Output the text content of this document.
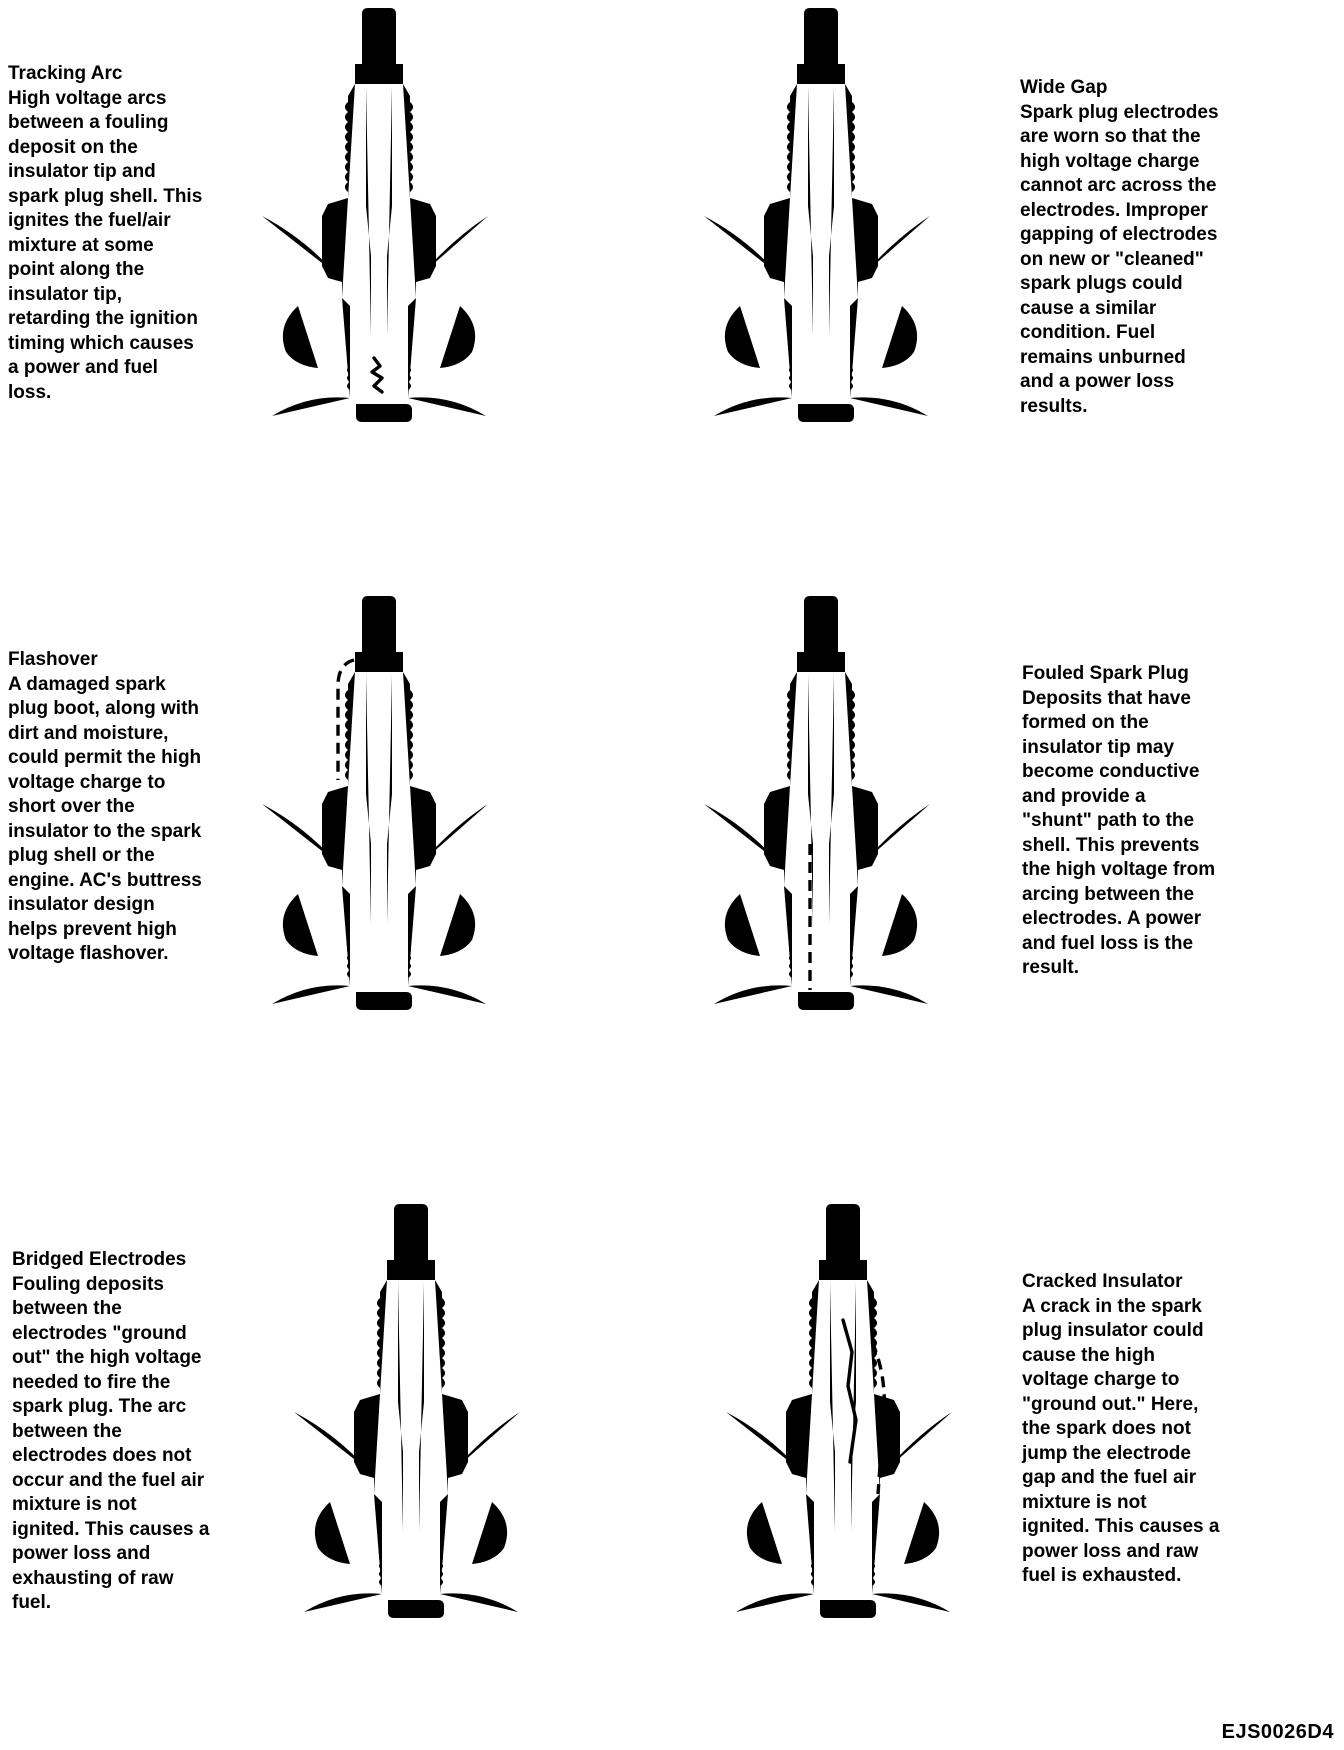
Tracking Arc
High voltage arcs
between a fouling
deposit on the
insulator tip and
spark plug shell. This
ignites the fuel/air
mixture at some
point along the
insulator tip,
retarding the ignition
timing which causes
a power and fuel
loss.
Wide Gap
Spark plug electrodes
are worn so that the
high voltage charge
cannot arc across the
electrodes. Improper
gapping of electrodes
on new or "cleaned"
spark plugs could
cause a similar
condition. Fuel
remains unburned
and a power loss
results.
Flashover
A damaged spark
plug boot, along with
dirt and moisture,
could permit the high
voltage charge to
short over the
insulator to the spark
plug shell or the
engine. AC's buttress
insulator design
helps prevent high
voltage flashover.
Fouled Spark Plug
Deposits that have
formed on the
insulator tip may
become conductive
and provide a
"shunt" path to the
shell. This prevents
the high voltage from
arcing between the
electrodes. A power
and fuel loss is the
result.
Bridged Electrodes
Fouling deposits
between the
electrodes "ground
out" the high voltage
needed to fire the
spark plug. The arc
between the
electrodes does not
occur and the fuel air
mixture is not
ignited. This causes a
power loss and
exhausting of raw
fuel.
Cracked Insulator
A crack in the spark
plug insulator could
cause the high
voltage charge to
"ground out." Here,
the spark does not
jump the electrode
gap and the fuel air
mixture is not
ignited. This causes a
power loss and raw
fuel is exhausted.
EJS0026D4
